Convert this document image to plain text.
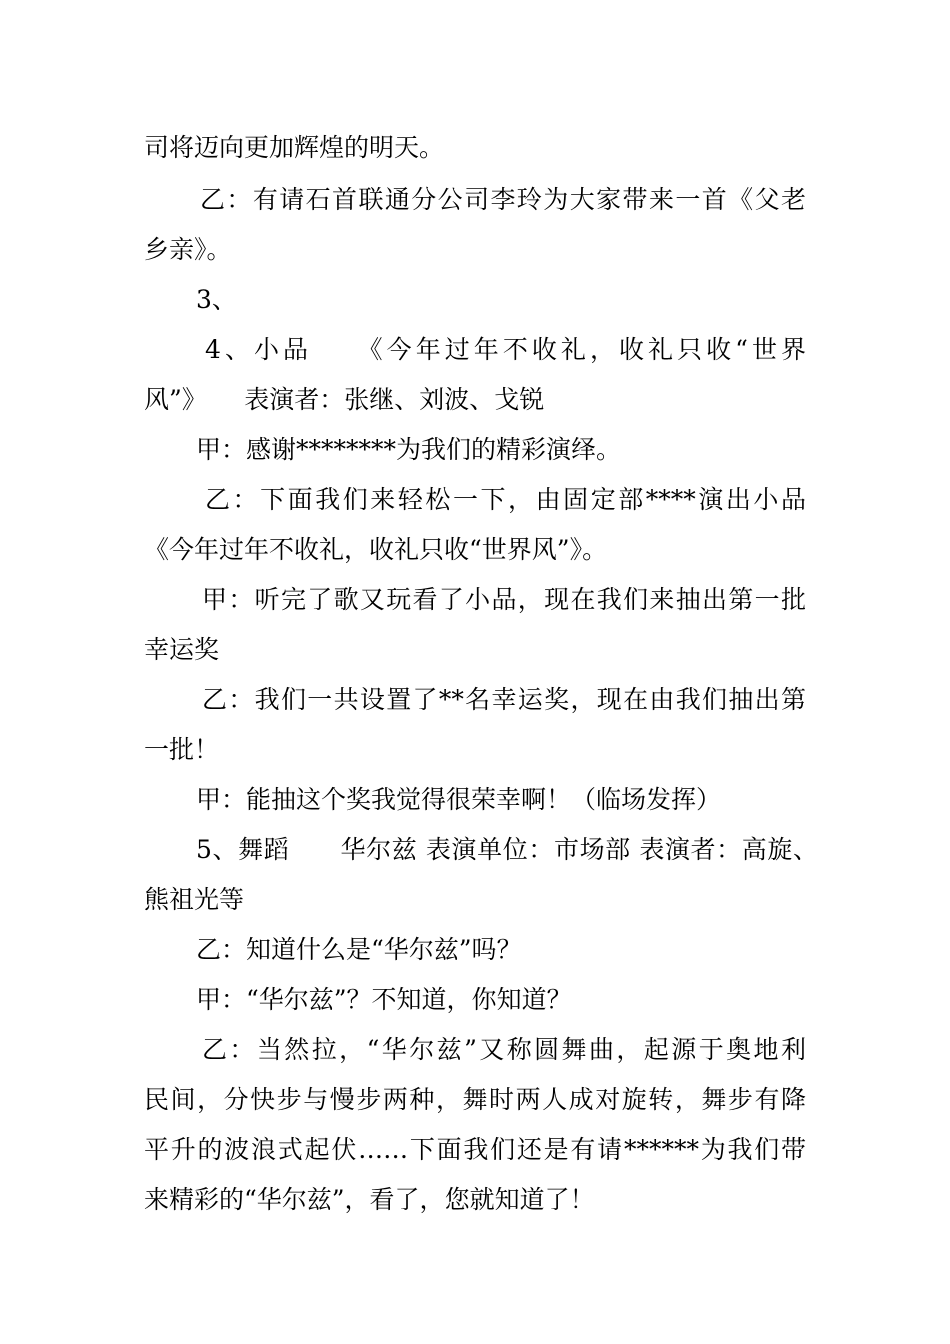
司将迈向更加辉煌的明天。
乙：有请石首联通分公司李玲为大家带来一首《父老
乡亲》。
3、
4、小品　　《今年过年不收礼，收礼只收“世界
风”》　　表演者：张继、刘波、戈锐
甲：感谢********为我们的精彩演绎。
乙：下面我们来轻松一下，由固定部****演出小品
《今年过年不收礼，收礼只收“世界风”》。
甲：听完了歌又玩看了小品，现在我们来抽出第一批
幸运奖
乙：我们一共设置了**名幸运奖，现在由我们抽出第
一批！
甲：能抽这个奖我觉得很荣幸啊！（临场发挥）
5、舞蹈　　华尔兹 表演单位：市场部 表演者：高旋、
熊祖光等
乙：知道什么是“华尔兹”吗？
甲：“华尔兹”？不知道，你知道？
乙：当然拉，“华尔兹”又称圆舞曲，起源于奥地利
民间，分快步与慢步两种，舞时两人成对旋转，舞步有降
平升的波浪式起伏……下面我们还是有请******为我们带
来精彩的“华尔兹”，看了，您就知道了！
